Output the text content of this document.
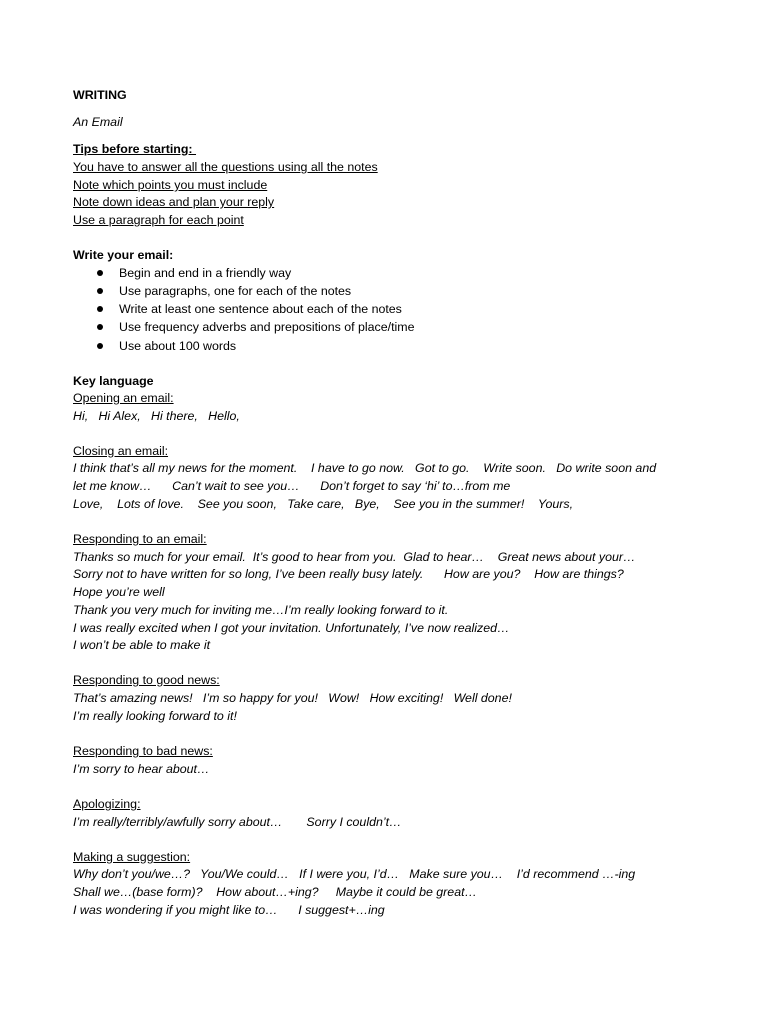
WRITING
An Email
Tips before starting:
You have to answer all the questions using all the notes
Note which points you must include
Note down ideas and plan your reply
Use a paragraph for each point
Write your email:
Begin and end in a friendly way
Use paragraphs, one for each of the notes
Write at least one sentence about each of the notes
Use frequency adverbs and prepositions of place/time
Use about 100 words
Key language
Opening an email:
Hi,   Hi Alex,   Hi there,   Hello,
Closing an email:
I think that’s all my news for the moment.    I have to go now.   Got to go.    Write soon.   Do write soon and
let me know…      Can’t wait to see you…      Don’t forget to say ‘hi’ to…from me
Love,    Lots of love.    See you soon,   Take care,   Bye,    See you in the summer!    Yours,
Responding to an email:
Thanks so much for your email.  It’s good to hear from you.  Glad to hear…    Great news about your…
Sorry not to have written for so long, I’ve been really busy lately.      How are you?    How are things?
Hope you’re well
Thank you very much for inviting me…I’m really looking forward to it.
I was really excited when I got your invitation. Unfortunately, I’ve now realized…
I won’t be able to make it
Responding to good news:
That’s amazing news!   I’m so happy for you!   Wow!   How exciting!   Well done!
I’m really looking forward to it!
Responding to bad news:
I’m sorry to hear about…
Apologizing:
I’m really/terribly/awfully sorry about…       Sorry I couldn’t…
Making a suggestion:
Why don’t you/we…?   You/We could…   If I were you, I’d…   Make sure you…    I’d recommend …-ing
Shall we…(base form)?    How about…+ing?     Maybe it could be great…
I was wondering if you might like to…      I suggest+…ing
